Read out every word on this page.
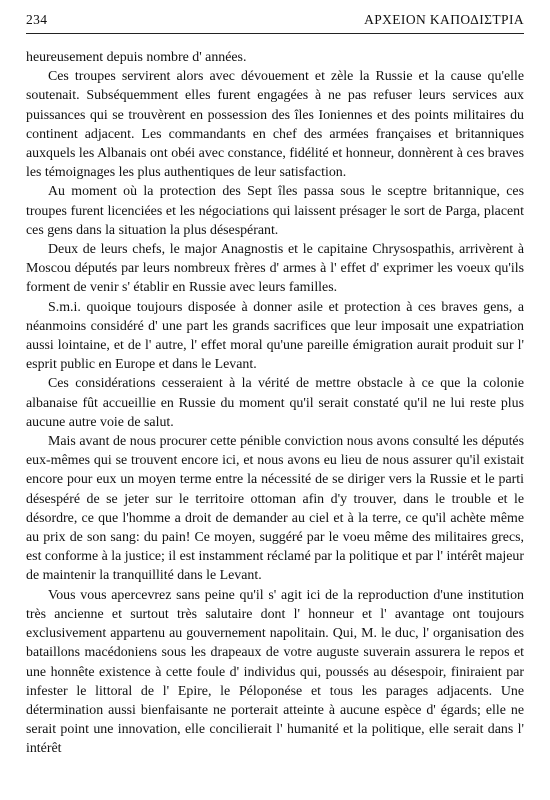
234	ΑΡΧΕΙΟΝ ΚΑΠΟΔΙΣΤΡΙΑ

heureusement depuis nombre d' années.

Ces troupes servirent alors avec dévouement et zèle la Russie et la cause qu'elle soutenait. Subséquemment elles furent engagées à ne pas refuser leurs services aux puissances qui se trouvèrent en possession des îles Ioniennes et des points militaires du continent adjacent. Les commandants en chef des armées françaises et britanniques auxquels les Albanais ont obéi avec constance, fidélité et honneur, donnèrent à ces braves les témoignages les plus authentiques de leur satisfaction.

Au moment où la protection des Sept îles passa sous le sceptre britannique, ces troupes furent licenciées et les négociations qui laissent présager le sort de Parga, placent ces gens dans la situation la plus désespérant.

Deux de leurs chefs, le major Anagnostis et le capitaine Chrysospathis, arrivèrent à Moscou députés par leurs nombreux frères d' armes à l' effet d' exprimer les voeux qu'ils forment de venir s' établir en Russie avec leurs familles.

S.m.i. quoique toujours disposée à donner asile et protection à ces braves gens, a néanmoins considéré d' une part les grands sacrifices que leur imposait une expatriation aussi lointaine, et de l' autre, l' effet moral qu'une pareille émigration aurait produit sur l' esprit public en Europe et dans le Levant.

Ces considérations cesseraient à la vérité de mettre obstacle à ce que la colonie albanaise fût accueillie en Russie du moment qu'il serait constaté qu'il ne lui reste plus aucune autre voie de salut.

Mais avant de nous procurer cette pénible conviction nous avons consulté les députés eux-mêmes qui se trouvent encore ici, et nous avons eu lieu de nous assurer qu'il existait encore pour eux un moyen terme entre la nécessité de se diriger vers la Russie et le parti désespéré de se jeter sur le territoire ottoman afin d'y trouver, dans le trouble et le désordre, ce que l'homme a droit de demander au ciel et à la terre, ce qu'il achète même au prix de son sang: du pain! Ce moyen, suggéré par le voeu même des militaires grecs, est conforme à la justice; il est instamment réclamé par la politique et par l' intérêt majeur de maintenir la tranquillité dans le Levant.

Vous vous apercevrez sans peine qu'il s' agit ici de la reproduction d'une institution très ancienne et surtout très salutaire dont l' honneur et l' avantage ont toujours exclusivement appartenu au gouvernement napolitain. Qui, M. le duc, l' organisation des bataillons macédoniens sous les drapeaux de votre auguste suverain assurera le repos et une honnête existence à cette foule d' individus qui, poussés au désespoir, finiraient par infester le littoral de l' Epire, le Péloponése et tous les parages adjacents. Une détermination aussi bienfaisante ne porterait atteinte à aucune espèce d' égards; elle ne serait point une innovation, elle concilierait l' humanité et la politique, elle serait dans l' intérêt
